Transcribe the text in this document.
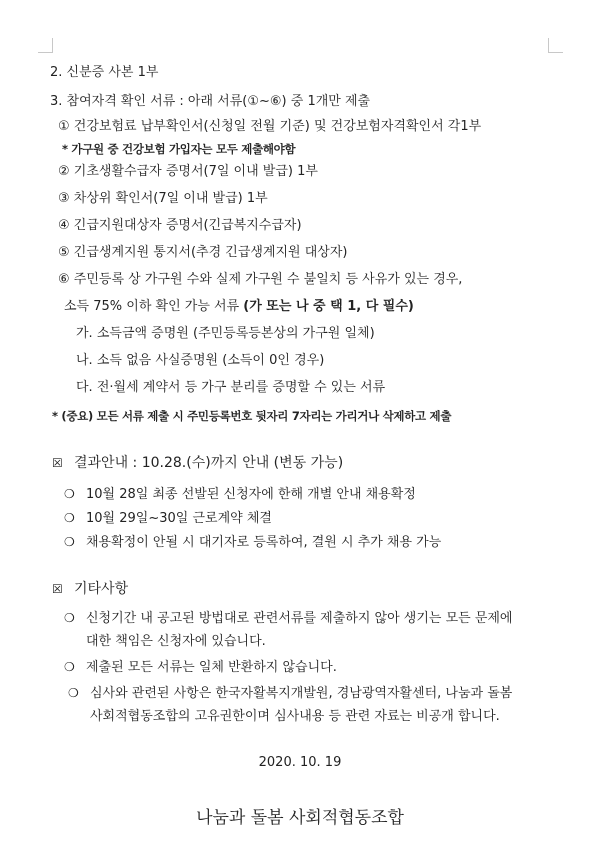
2. 신분증 사본 1부
3. 참여자격 확인 서류 : 아래 서류(①~⑥) 중 1개만 제출
① 건강보험료 납부확인서(신청일 전월 기준) 및 건강보험자격확인서 각1부
* 가구원 중 건강보험 가입자는 모두 제출해야함
② 기초생활수급자 증명서(7일 이내 발급) 1부
③ 차상위 확인서(7일 이내 발급) 1부
④ 긴급지원대상자 증명서(긴급복지수급자)
⑤ 긴급생계지원 통지서(추경 긴급생계지원 대상자)
⑥ 주민등록 상 가구원 수와 실제 가구원 수 불일치 등 사유가 있는 경우,
소득 75% 이하 확인 가능 서류 (가 또는 나 중 택 1, 다 필수)
가. 소득금액 증명원 (주민등록등본상의 가구원 일체)
나. 소득 없음 사실증명원 (소득이 0인 경우)
다. 전·월세 계약서 등 가구 분리를 증명할 수 있는 서류
* (중요) 모든 서류 제출 시 주민등록번호 뒷자리 7자리는 가리거나 삭제하고 제출
☒ 결과안내 : 10.28.(수)까지 안내 (변동 가능)
❍ 10월 28일 최종 선발된 신청자에 한해 개별 안내 채용확정
❍ 10월 29일~30일 근로계약 체결
❍ 채용확정이 안될 시 대기자로 등록하여, 결원 시 추가 채용 가능
☒ 기타사항
❍ 신청기간 내 공고된 방법대로 관련서류를 제출하지 않아 생기는 모든 문제에
대한 책임은 신청자에 있습니다.
❍ 제출된 모든 서류는 일체 반환하지 않습니다.
❍ 심사와 관련된 사항은 한국자활복지개발원, 경남광역자활센터, 나눔과 돌봄
사회적협동조합의 고유권한이며 심사내용 등 관련 자료는 비공개 합니다.
2020. 10. 19
나눔과 돌봄 사회적협동조합
